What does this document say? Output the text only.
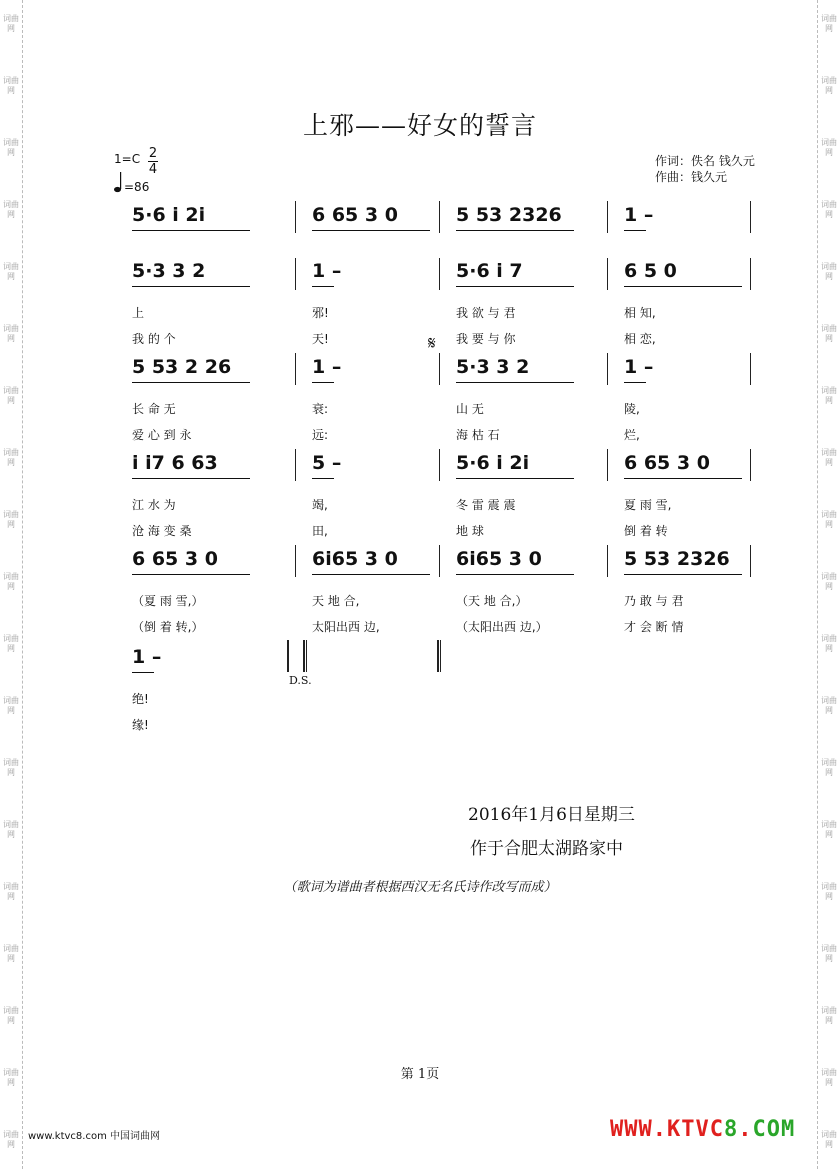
词曲网
词曲网
词曲网
词曲网
词曲网
词曲网
词曲网
词曲网
词曲网
词曲网
词曲网
词曲网
词曲网
词曲网
词曲网
词曲网
词曲网
词曲网
词曲网
词曲网
词曲网
词曲网
词曲网
词曲网
词曲网
词曲网
词曲网
词曲网
词曲网
词曲网
词曲网
词曲网
词曲网
词曲网
词曲网
词曲网
词曲网
词曲网
上邪——好女的誓言
1=C 2
4
=86
作词：佚名 钱久元
作曲：钱久元
5·6 i 2i	6 65 3 0	5 53 2326	1 –
5·3 3 2	1 –	5·6 i 7	6 5 0
上	邪!	我 欲 与 君	相 知,
我 的 个	天!	我 要 与 你	相 恋,
5 53 2 26	1 –	5·3 3 2	1 –
长 命 无	衰:	山 无	陵,
爱 心 到 永	远:	海 枯 石	烂,
i i7 6 63	5 –	5·6 i 2i	6 65 3 0
江 水 为	竭,	冬 雷 震 震	夏 雨 雪,
沧 海 变 桑	田,	地 球	倒 着 转
6 65 3 0	6i65 3 0	6i65 3 0	5 53 2326
（夏 雨 雪,）	天 地 合,	（天 地 合,）	乃 敢 与 君
（倒 着 转,）	太阳出西 边,	（太阳出西 边,）	才 会 断 情
1 –
绝!
缘!
𝄋
D.S.
2016年1月6日星期三
作于合肥太湖路家中
（歌词为谱曲者根据西汉无名氏诗作改写而成）
第 1页
www.ktvc8.com 中国词曲网	WWW.KTVC8.COM
